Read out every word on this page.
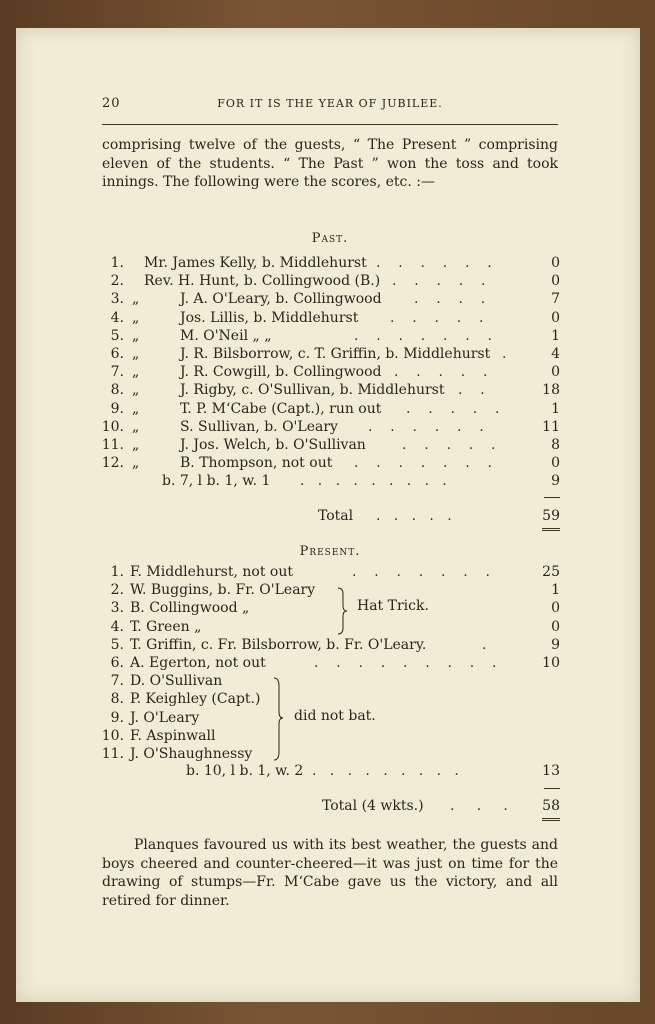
20	FOR IT IS THE YEAR OF JUBILEE.
comprising twelve of the guests, “ The Present ” comprising eleven of the students. “ The Past ” won the toss and took innings. The following were the scores, etc. :—
Past.
1. Mr. James Kelly, b. Middlehurst .    .    .    .    .    .	0
2. Rev. H. Hunt, b. Collingwood (B.) .    .    .    .    .	0
3. „	J. A. O'Leary, b. Collingwood .    .    .    .	7
4. „	Jos. Lillis, b. Middlehurst .    .    .    .    .	0
5. „	M. O'Neil „ „	.    .    .    .    .    .    .	1
6. „	J. R. Bilsborrow, c. T. Griffin, b. Middlehurst .	4
7. „	J. R. Cowgill, b. Collingwood .    .    .    .    .	0
8. „	J. Rigby, c. O'Sullivan, b. Middlehurst .    .	18
9. „	T. P. M‘Cabe (Capt.), run out .    .    .    .    .	1
10. „	S. Sullivan, b. O'Leary .    .    .    .    .    .	11
11. „	J. Jos. Welch, b. O'Sullivan	.    .    .    .    .	8
12. „	B. Thompson, not out .    .    .    .    .    .    .	0
b. 7, l b. 1, w. 1 .   .   .   .   .   .   .   .   .	9
Total .   .   .   .   .	59
Present.
1. F. Middlehurst, not out	.    .    .    .    .    .    .	25
2. W. Buggins, b. Fr. O'Leary	1
3. B. Collingwood „	0
4. T. Green „	0
5. T. Griffin, c. Fr. Bilsborrow, b. Fr. O'Leary.	.	9
6. A. Egerton, not out	.    .    .    .    .    .    .    .    .	10
7. D. O'Sullivan
8. P. Keighley (Capt.)
9. J. O'Leary
10. F. Aspinwall
11. J. O'Shaughnessy
Hat Trick.
did not bat.
b. 10, l b. 1, w. 2 .   .   .   .   .   .   .   .   .	13
Total (4 wkts.) .     .     .	58
Planques favoured us with its best weather, the guests and boys cheered and counter-cheered—it was just on time for the drawing of stumps—Fr. M‘Cabe gave us the victory, and all retired for dinner.
